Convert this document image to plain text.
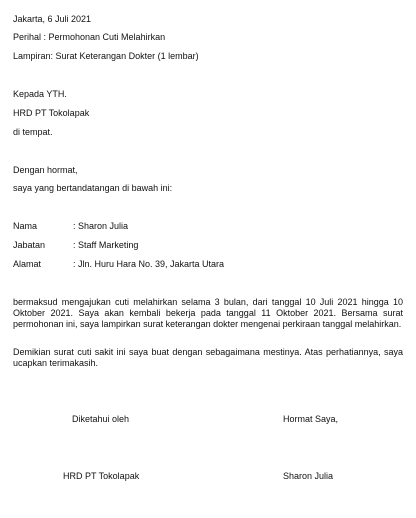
Jakarta, 6 Juli 2021
Perihal : Permohonan Cuti Melahirkan
Lampiran: Surat Keterangan Dokter (1 lembar)
Kepada YTH.
HRD PT Tokolapak
di tempat.
Dengan hormat,
saya yang bertandatangan di bawah ini:
Nama	: Sharon Julia
Jabatan	: Staff Marketing
Alamat	: Jln. Huru Hara No. 39, Jakarta Utara
bermaksud mengajukan cuti melahirkan selama 3 bulan, dari tanggal 10 Juli 2021 hingga 10 Oktober 2021. Saya akan kembali bekerja pada tanggal 11 Oktober 2021. Bersama surat permohonan ini, saya lampirkan surat keterangan dokter mengenai perkiraan tanggal melahirkan.
Demikian surat cuti sakit ini saya buat dengan sebagaimana mestinya. Atas perhatiannya, saya ucapkan terimakasih.
Diketahui oleh	Hormat Saya,
HRD PT Tokolapak	Sharon Julia
